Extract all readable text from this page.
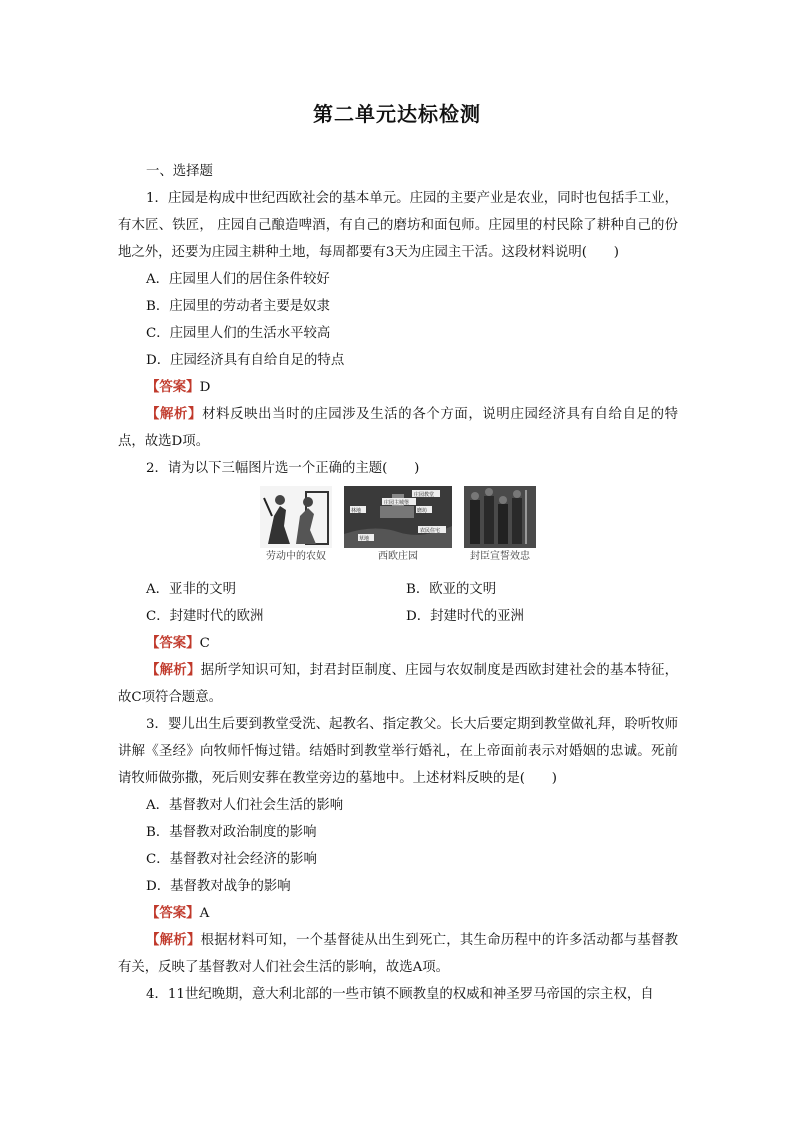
第二单元达标检测

一、选择题

1．庄园是构成中世纪西欧社会的基本单元。庄园的主要产业是农业，同时也包括手工业，有木匠、铁匠， 庄园自己酿造啤酒，有自己的磨坊和面包师。庄园里的村民除了耕种自己的份地之外，还要为庄园主耕种土地，每周都要有3天为庄园主干活。这段材料说明(　　)

A．庄园里人们的居住条件较好

B．庄园里的劳动者主要是奴隶

C．庄园里人们的生活水平较高

D．庄园经济具有自给自足的特点

【答案】D

【解析】材料反映出当时的庄园涉及生活的各个方面，说明庄园经济具有自给自足的特点，故选D项。

2．请为以下三幅图片选一个正确的主题(　　)

劳动中的农奴
庄园教堂
庄园主城堡
磨坊
林地
农民住宅
草地
西欧庄园	封臣宣誓效忠

A．亚非的文明	B．欧亚的文明

C．封建时代的欧洲	D．封建时代的亚洲

【答案】C

【解析】据所学知识可知，封君封臣制度、庄园与农奴制度是西欧封建社会的基本特征，故C项符合题意。

3．婴儿出生后要到教堂受洗、起教名、指定教父。长大后要定期到教堂做礼拜，聆听牧师讲解《圣经》向牧师忏悔过错。结婚时到教堂举行婚礼，在上帝面前表示对婚姻的忠诚。死前请牧师做弥撒，死后则安葬在教堂旁边的墓地中。上述材料反映的是(　　)

A．基督教对人们社会生活的影响

B．基督教对政治制度的影响

C．基督教对社会经济的影响

D．基督教对战争的影响

【答案】A

【解析】根据材料可知，一个基督徒从出生到死亡，其生命历程中的许多活动都与基督教有关，反映了基督教对人们社会生活的影响，故选A项。

4．11世纪晚期，意大利北部的一些市镇不顾教皇的权威和神圣罗马帝国的宗主权，自
